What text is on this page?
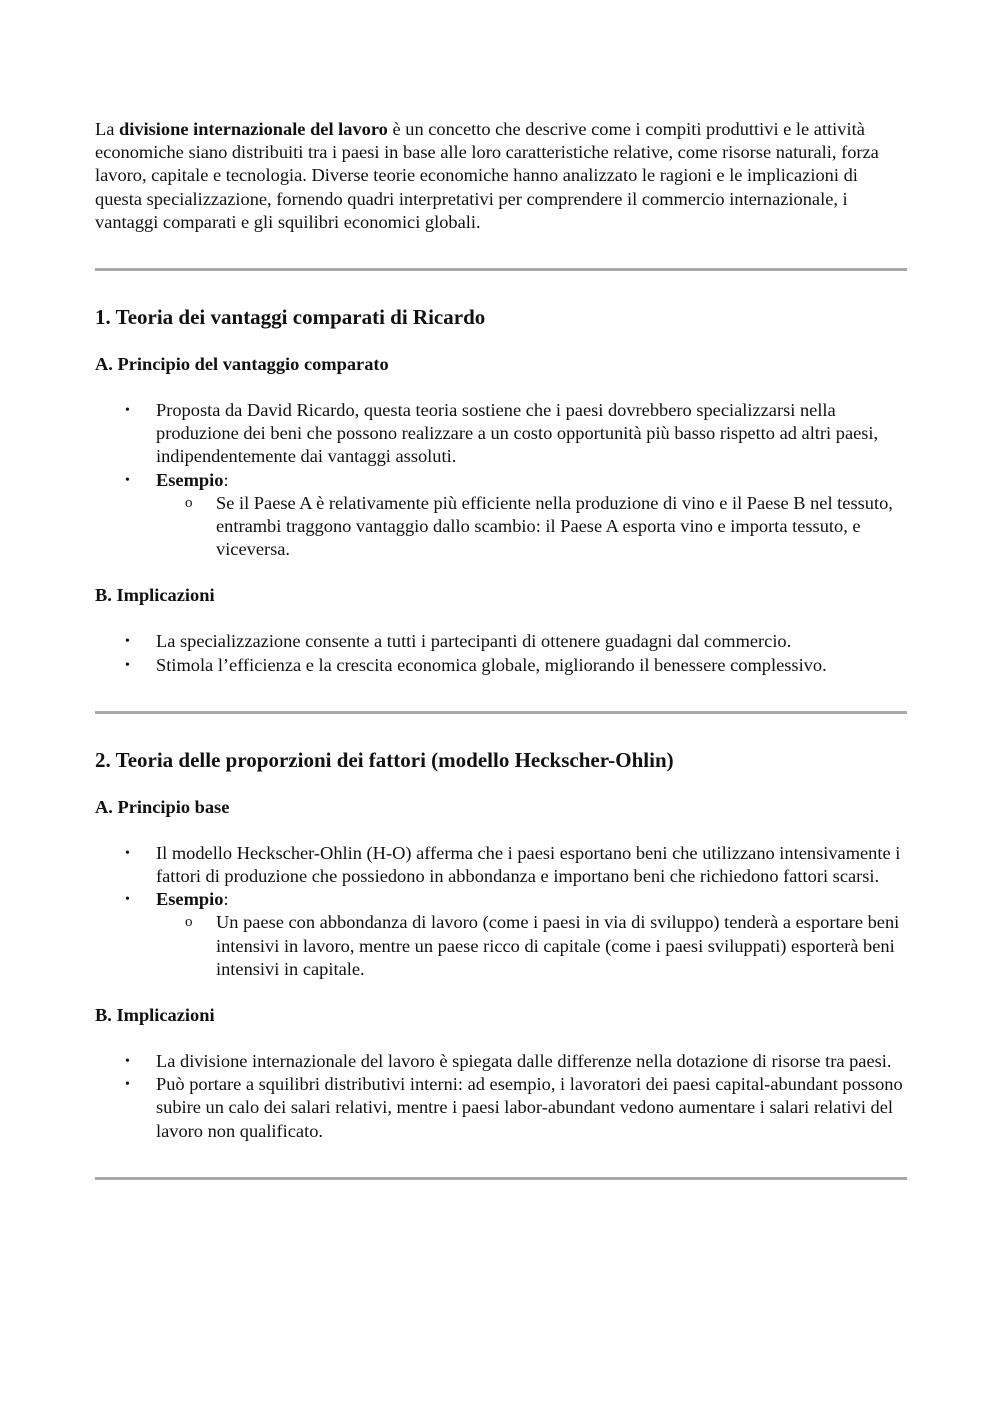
La divisione internazionale del lavoro è un concetto che descrive come i compiti produttivi e le attività economiche siano distribuiti tra i paesi in base alle loro caratteristiche relative, come risorse naturali, forza lavoro, capitale e tecnologia. Diverse teorie economiche hanno analizzato le ragioni e le implicazioni di questa specializzazione, fornendo quadri interpretativi per comprendere il commercio internazionale, i vantaggi comparati e gli squilibri economici globali.

1. Teoria dei vantaggi comparati di Ricardo
A. Principio del vantaggio comparato
• Proposta da David Ricardo, questa teoria sostiene che i paesi dovrebbero specializzarsi nella produzione dei beni che possono realizzare a un costo opportunità più basso rispetto ad altri paesi, indipendentemente dai vantaggi assoluti.
• Esempio:
o Se il Paese A è relativamente più efficiente nella produzione di vino e il Paese B nel tessuto, entrambi traggono vantaggio dallo scambio: il Paese A esporta vino e importa tessuto, e viceversa.
B. Implicazioni
• La specializzazione consente a tutti i partecipanti di ottenere guadagni dal commercio.
• Stimola l’efficienza e la crescita economica globale, migliorando il benessere complessivo.
2. Teoria delle proporzioni dei fattori (modello Heckscher-Ohlin)
A. Principio base
• Il modello Heckscher-Ohlin (H-O) afferma che i paesi esportano beni che utilizzano intensivamente i fattori di produzione che possiedono in abbondanza e importano beni che richiedono fattori scarsi.
• Esempio:
o Un paese con abbondanza di lavoro (come i paesi in via di sviluppo) tenderà a esportare beni intensivi in lavoro, mentre un paese ricco di capitale (come i paesi sviluppati) esporterà beni intensivi in capitale.
B. Implicazioni
• La divisione internazionale del lavoro è spiegata dalle differenze nella dotazione di risorse tra paesi.
• Può portare a squilibri distributivi interni: ad esempio, i lavoratori dei paesi capital-abundant possono subire un calo dei salari relativi, mentre i paesi labor-abundant vedono aumentare i salari relativi del lavoro non qualificato.
